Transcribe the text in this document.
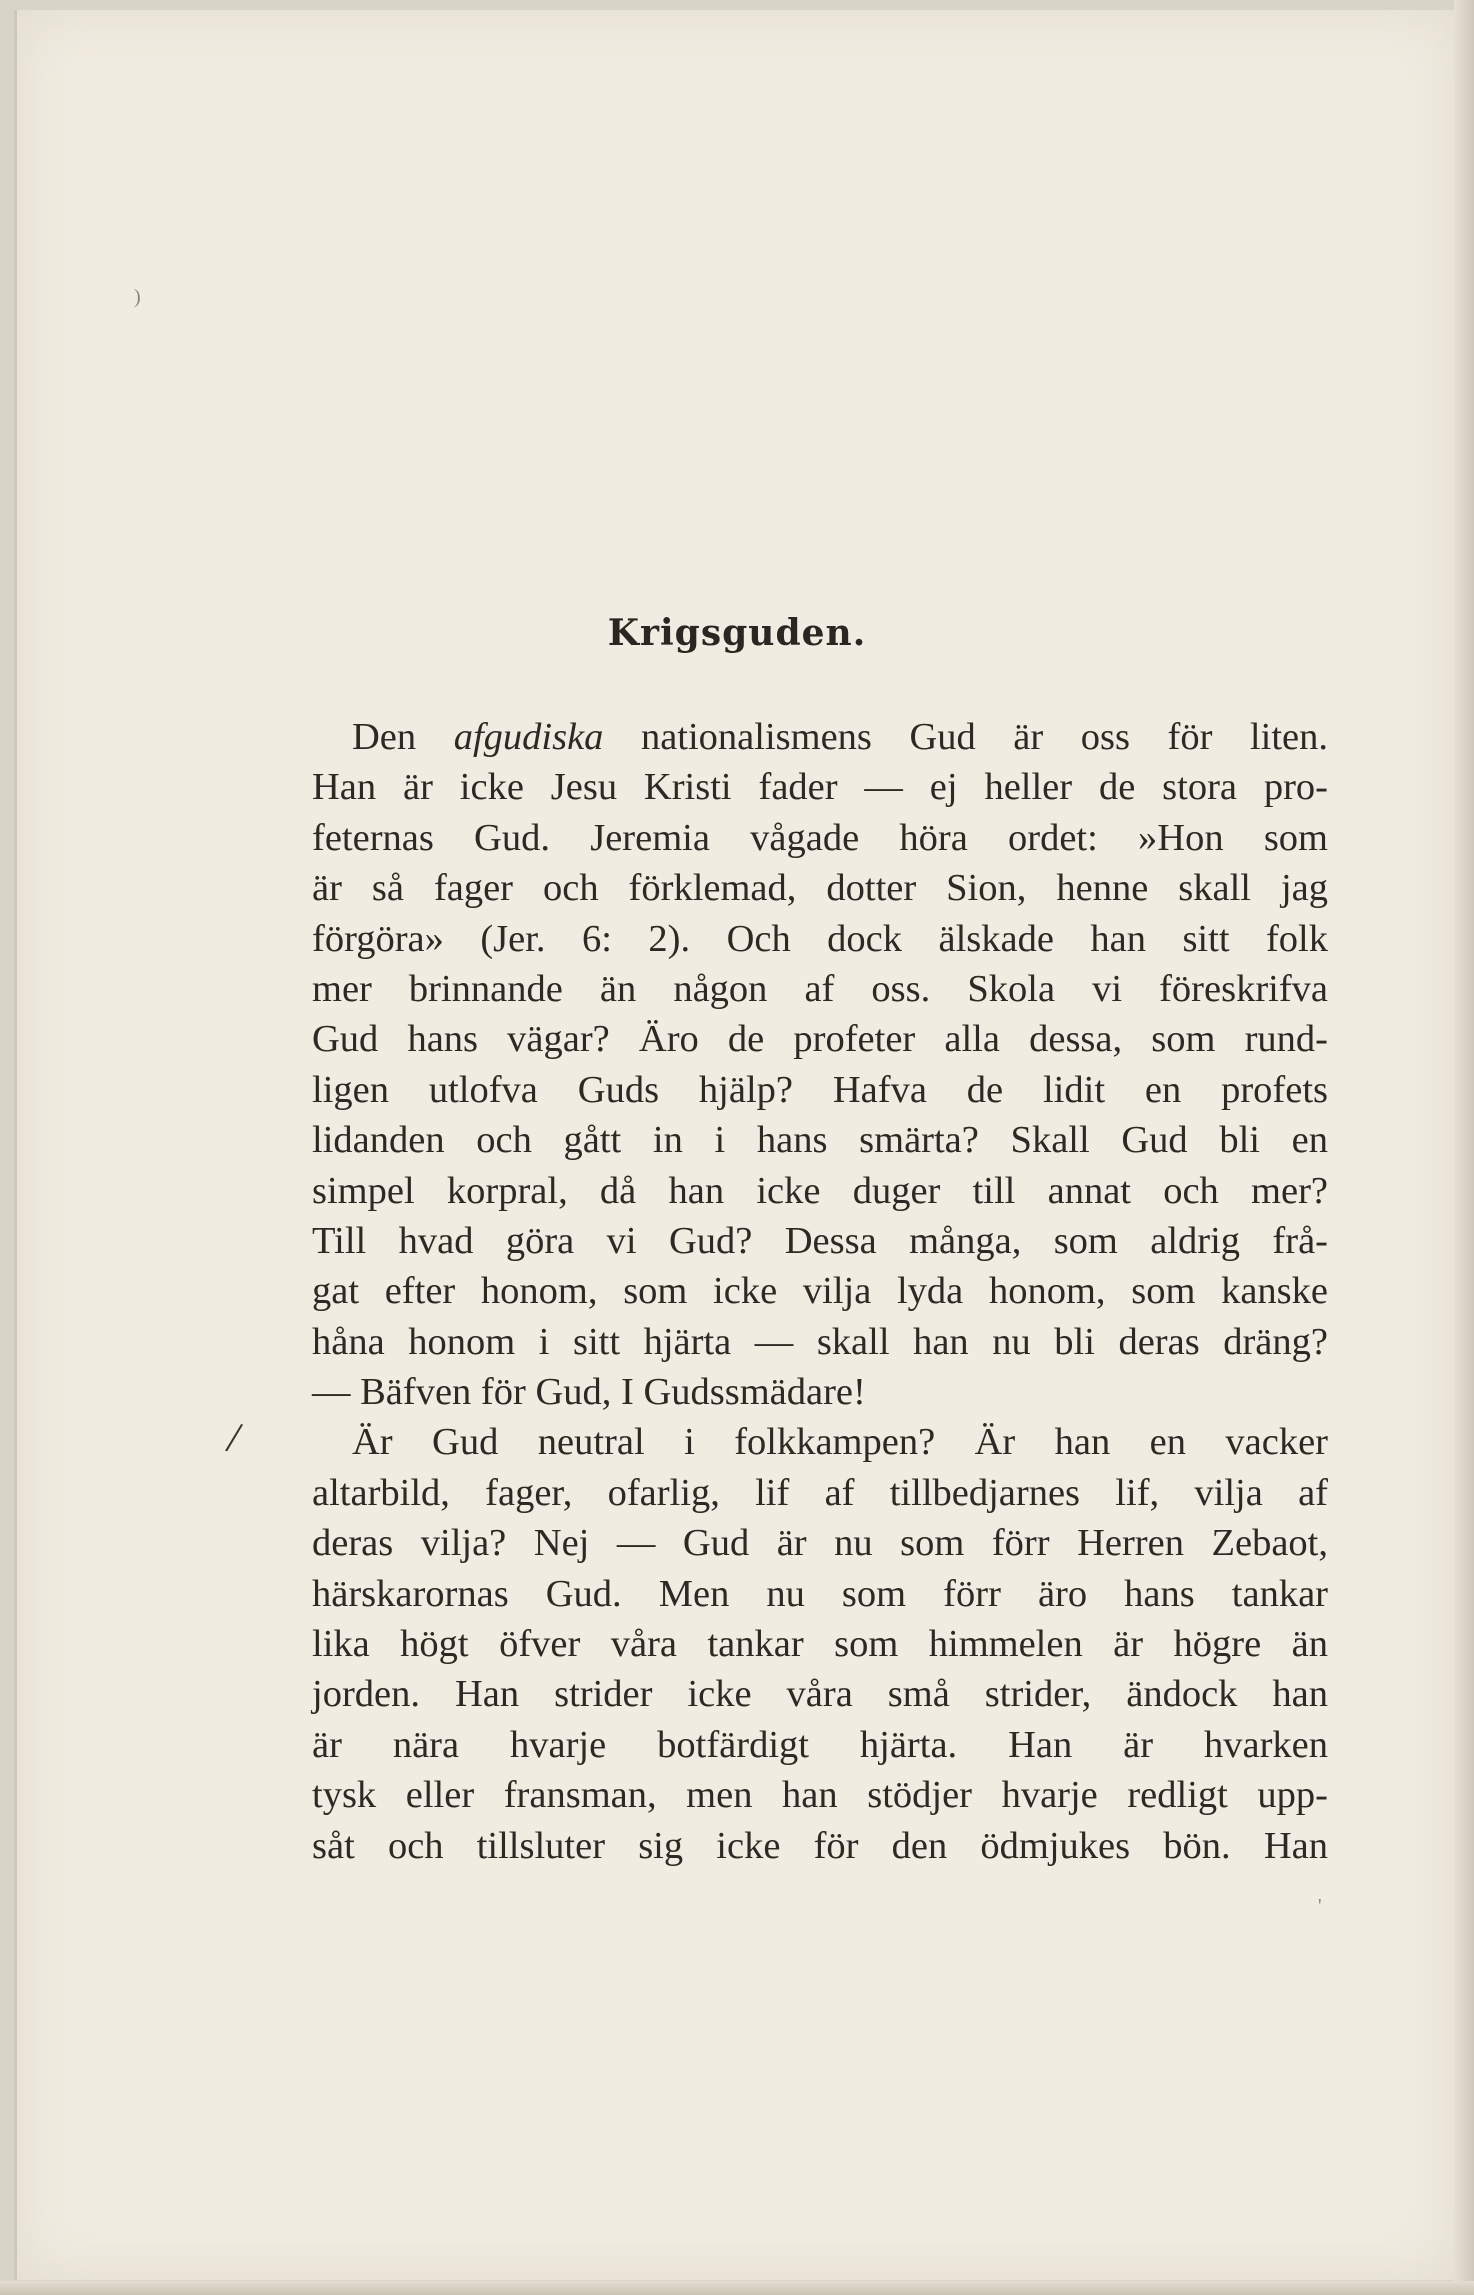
)
'
Krigsguden.
/
Den afgudiska nationalismens Gud är oss för liten.
Han är icke Jesu Kristi fader — ej heller de stora pro-
feternas Gud. Jeremia vågade höra ordet: »Hon som
är så fager och förklemad, dotter Sion, henne skall jag
förgöra» (Jer. 6: 2). Och dock älskade han sitt folk
mer brinnande än någon af oss. Skola vi föreskrifva
Gud hans vägar? Äro de profeter alla dessa, som rund-
ligen utlofva Guds hjälp? Hafva de lidit en profets
lidanden och gått in i hans smärta? Skall Gud bli en
simpel korpral, då han icke duger till annat och mer?
Till hvad göra vi Gud? Dessa många, som aldrig frå-
gat efter honom, som icke vilja lyda honom, som kanske
håna honom i sitt hjärta — skall han nu bli deras dräng?
— Bäfven för Gud, I Gudssmädare!
Är Gud neutral i folkkampen? Är han en vacker
altarbild, fager, ofarlig, lif af tillbedjarnes lif, vilja af
deras vilja? Nej — Gud är nu som förr Herren Zebaot,
härskarornas Gud. Men nu som förr äro hans tankar
lika högt öfver våra tankar som himmelen är högre än
jorden. Han strider icke våra små strider, ändock han
är nära hvarje botfärdigt hjärta. Han är hvarken
tysk eller fransman, men han stödjer hvarje redligt upp-
såt och tillsluter sig icke för den ödmjukes bön. Han
